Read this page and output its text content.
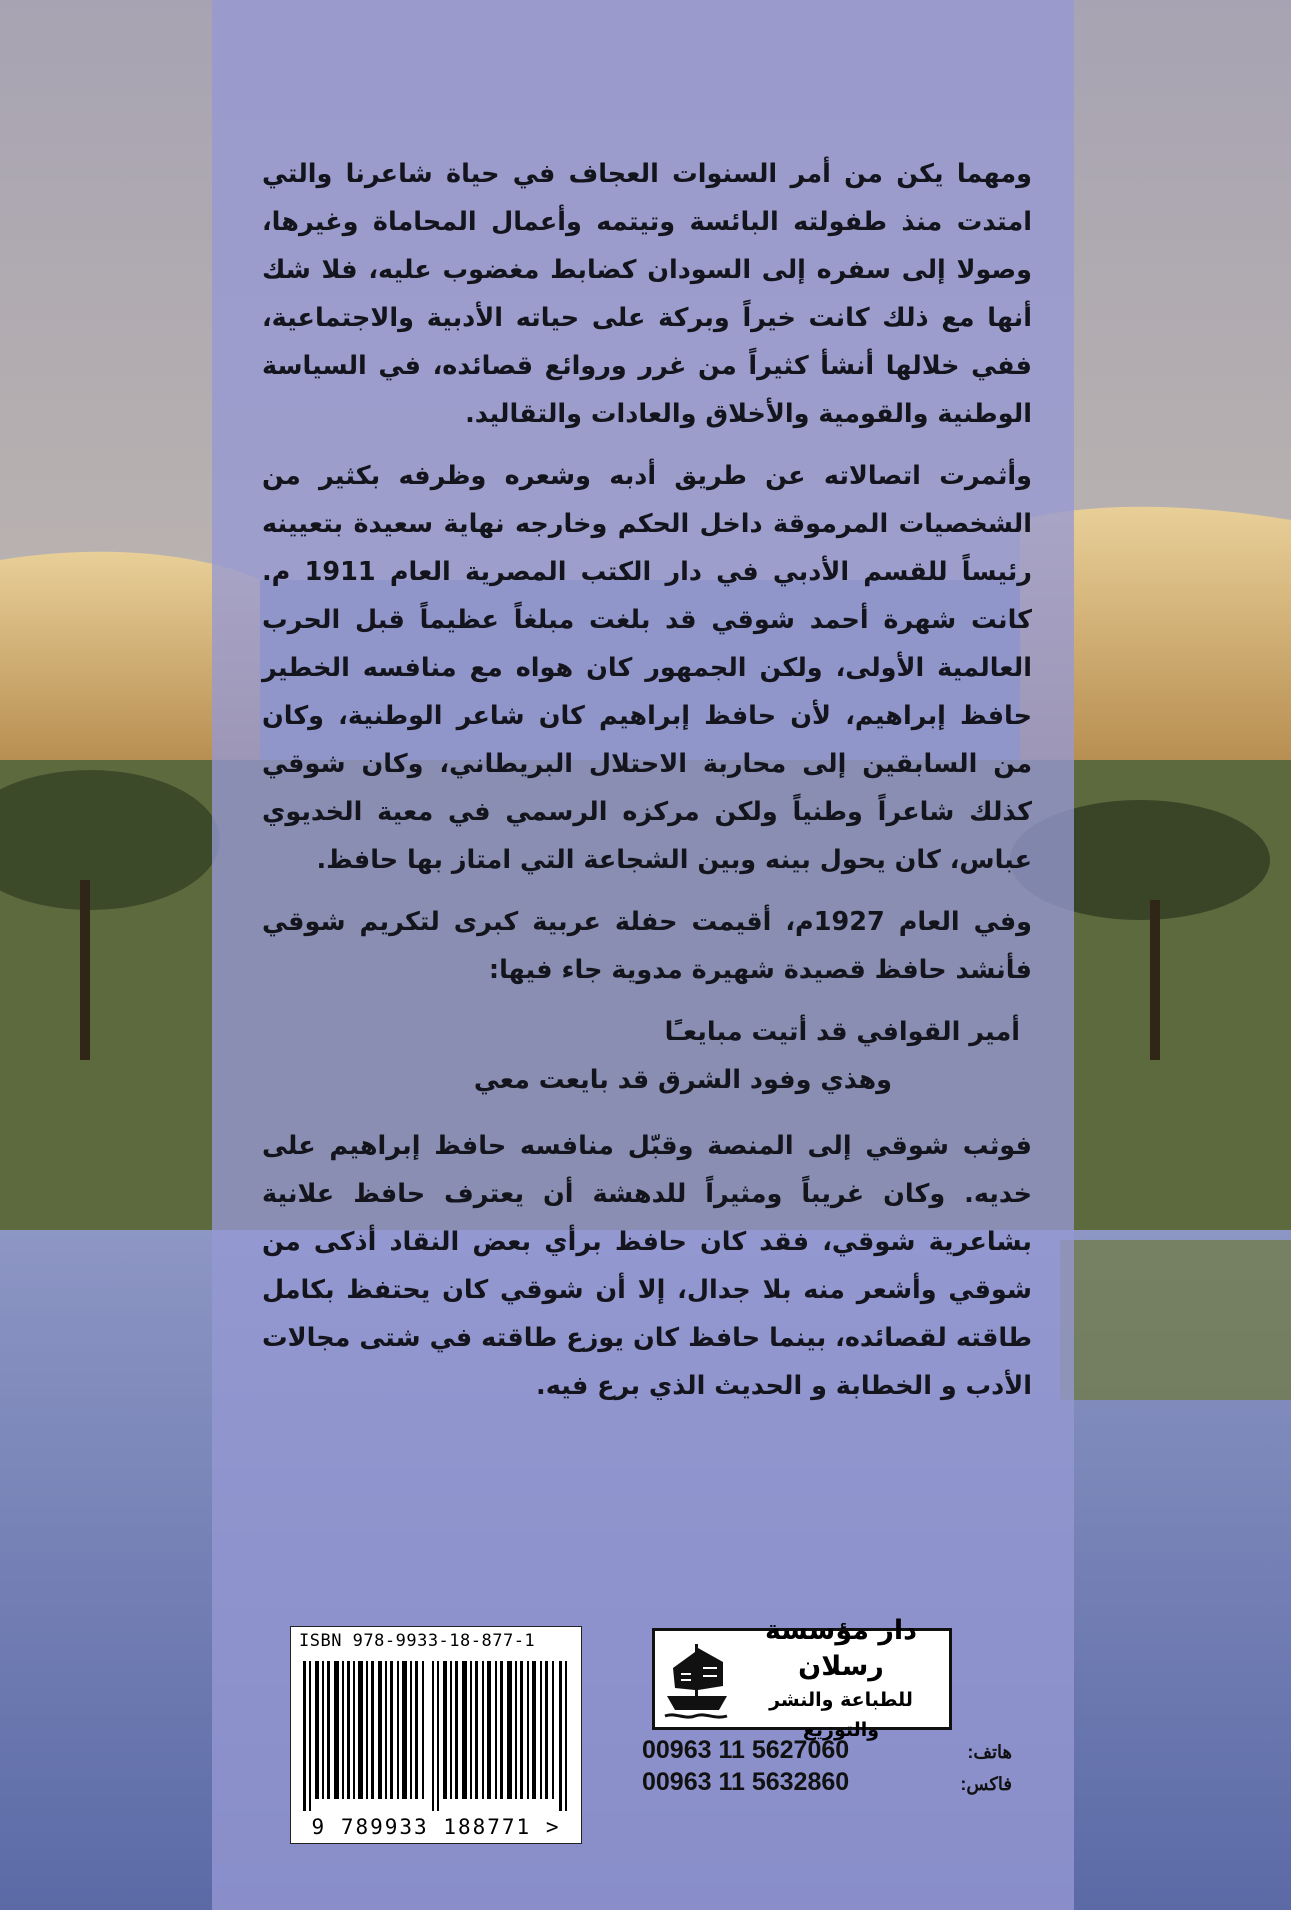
ومهما يكن من أمر السنوات العجاف في حياة شاعرنا والتي امتدت منذ طفولته البائسة وتيتمه وأعمال المحاماة وغيرها، وصولا إلى سفره إلى السودان كضابط مغضوب عليه، فلا شك أنها مع ذلك كانت خيراً وبركة على حياته الأدبية والاجتماعية، ففي خلالها أنشأ كثيراً من غرر وروائع قصائده، في السياسة الوطنية والقومية والأخلاق والعادات والتقاليد.

وأثمرت اتصالاته عن طريق أدبه وشعره وظرفه بكثير من الشخصيات المرموقة داخل الحكم وخارجه نهاية سعيدة بتعيينه رئيساً للقسم الأدبي في دار الكتب المصرية العام 1911 م. كانت شهرة أحمد شوقي قد بلغت مبلغاً عظيماً قبل الحرب العالمية الأولى، ولكن الجمهور كان هواه مع منافسه الخطير حافظ إبراهيم، لأن حافظ إبراهيم كان شاعر الوطنية، وكان من السابقين إلى محاربة الاحتلال البريطاني، وكان شوقي كذلك شاعراً وطنياً ولكن مركزه الرسمي في معية الخديوي عباس، كان يحول بينه وبين الشجاعة التي امتاز بها حافظ.

وفي العام 1927م، أقيمت حفلة عربية كبرى لتكريم شوقي فأنشد حافظ قصيدة شهيرة مدوية جاء فيها:

أمير القوافي قد أتيت مبايعـًا
وهذي وفود الشرق قد بايعت معي

فوثب شوقي إلى المنصة وقبّل منافسه حافظ إبراهيم على خديه. وكان غريباً ومثيراً للدهشة أن يعترف حافظ علانية بشاعرية شوقي، فقد كان حافظ برأي بعض النقاد أذكى من شوقي وأشعر منه بلا جدال، إلا أن شوقي كان يحتفظ بكامل طاقته لقصائده، بينما حافظ كان يوزع طاقته في شتى مجالات الأدب و الخطابة و الحديث الذي برع فيه.

ISBN 978-9933-18-877-1
9 789933 188771 >
دار مؤسسة رسلان
للطباعة والنشر والتوزيع
00963 11 5627060	هاتف:
00963 11 5632860	فاكس:
